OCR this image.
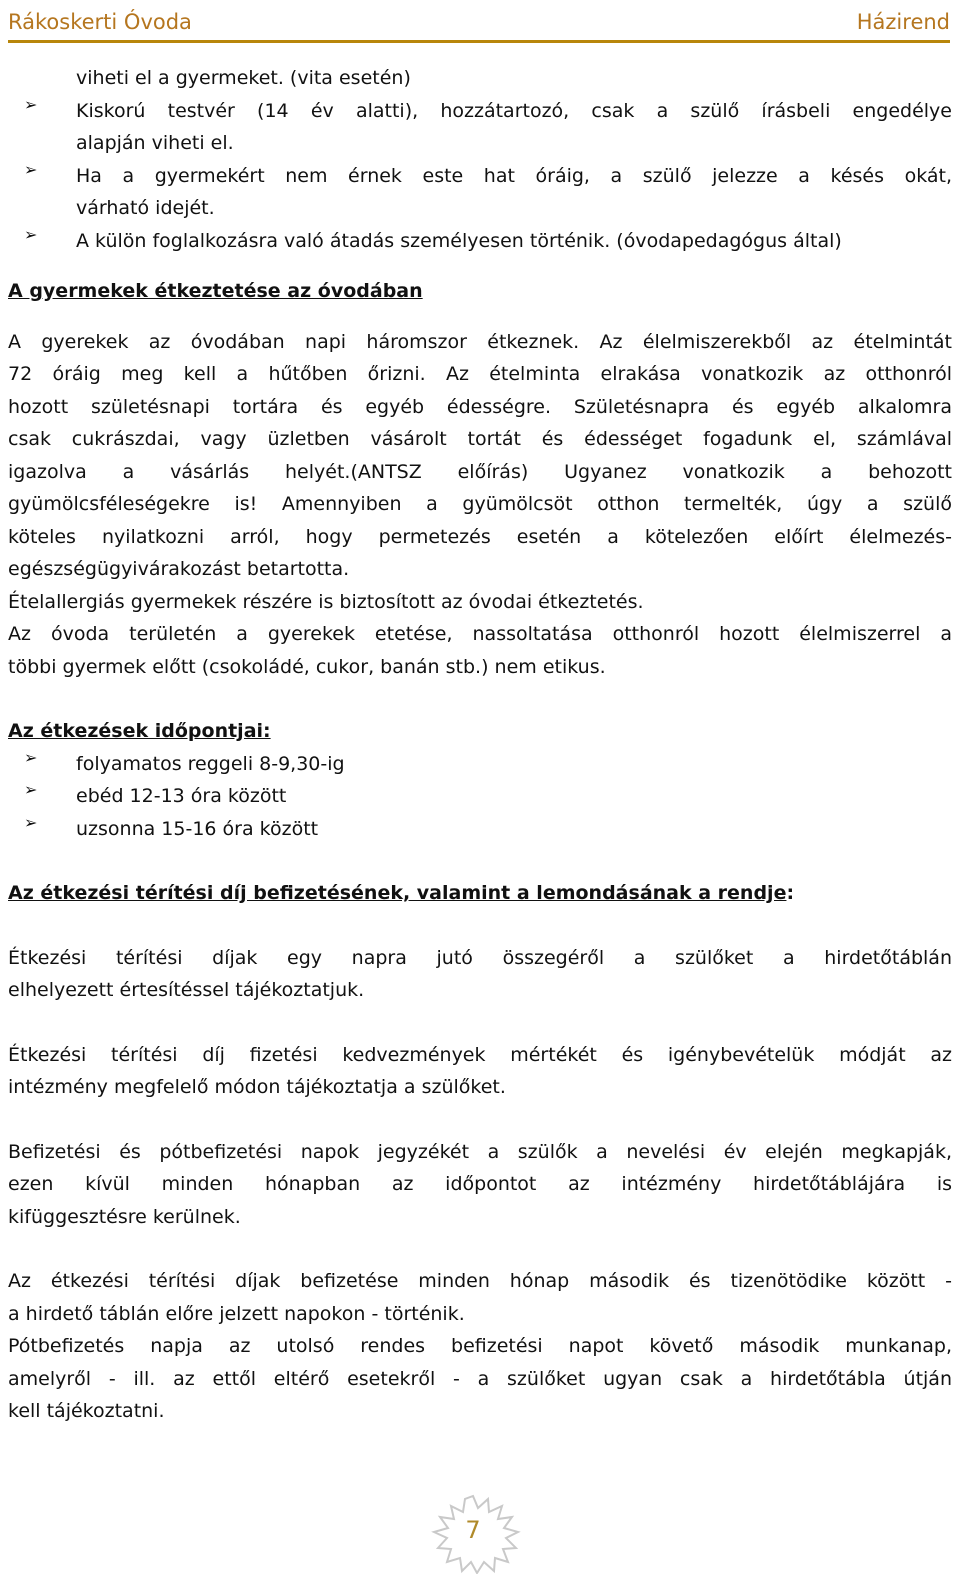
Rákoskerti Óvoda	Házirend
viheti el a gyermeket. (vita esetén)
➢ Kiskorú testvér (14 év alatti), hozzátartozó, csak a szülő írásbeli engedélye
alapján viheti el.
➢ Ha a gyermekért nem érnek este hat óráig, a szülő jelezze a késés okát,
várható idejét.
➢ A külön foglalkozásra való átadás személyesen történik. (óvodapedagógus által)
A gyermekek étkeztetése az óvodában
A gyerekek az óvodában napi háromszor étkeznek. Az élelmiszerekből az ételmintát
72 óráig meg kell a hűtőben őrizni. Az ételminta elrakása vonatkozik az otthonról
hozott születésnapi tortára és egyéb édességre. Születésnapra és egyéb alkalomra
csak cukrászdai, vagy üzletben vásárolt tortát és édességet fogadunk el, számlával
igazolva a vásárlás helyét.(ANTSZ előírás) Ugyanez vonatkozik a behozott
gyümölcsféleségekre is! Amennyiben a gyümölcsöt otthon termelték, úgy a szülő
köteles nyilatkozni arról, hogy permetezés esetén a kötelezően előírt élelmezés-
egészségügyivárakozást betartotta.
Ételallergiás gyermekek részére is biztosított az óvodai étkeztetés.
Az óvoda területén a gyerekek etetése, nassoltatása otthonról hozott élelmiszerrel a
többi gyermek előtt (csokoládé, cukor, banán stb.) nem etikus.
Az étkezések időpontjai:
➢ folyamatos reggeli 8-9,30-ig
➢ ebéd 12-13 óra között
➢ uzsonna 15-16 óra között
Az étkezési térítési díj befizetésének, valamint a lemondásának a rendje:
Étkezési térítési díjak egy napra jutó összegéről a szülőket a hirdetőtáblán
elhelyezett értesítéssel tájékoztatjuk.
Étkezési térítési díj fizetési kedvezmények mértékét és igénybevételük módját az
intézmény megfelelő módon tájékoztatja a szülőket.
Befizetési és pótbefizetési napok jegyzékét a szülők a nevelési év elején megkapják,
ezen kívül minden hónapban az időpontot az intézmény hirdetőtáblájára is
kifüggesztésre kerülnek.
Az étkezési térítési díjak befizetése minden hónap második és tizenötödike között -
a hirdető táblán előre jelzett napokon - történik.
Pótbefizetés napja az utolsó rendes befizetési napot követő második munkanap,
amelyről - ill. az ettől eltérő esetekről - a szülőket ugyan csak a hirdetőtábla útján
kell tájékoztatni.
7
